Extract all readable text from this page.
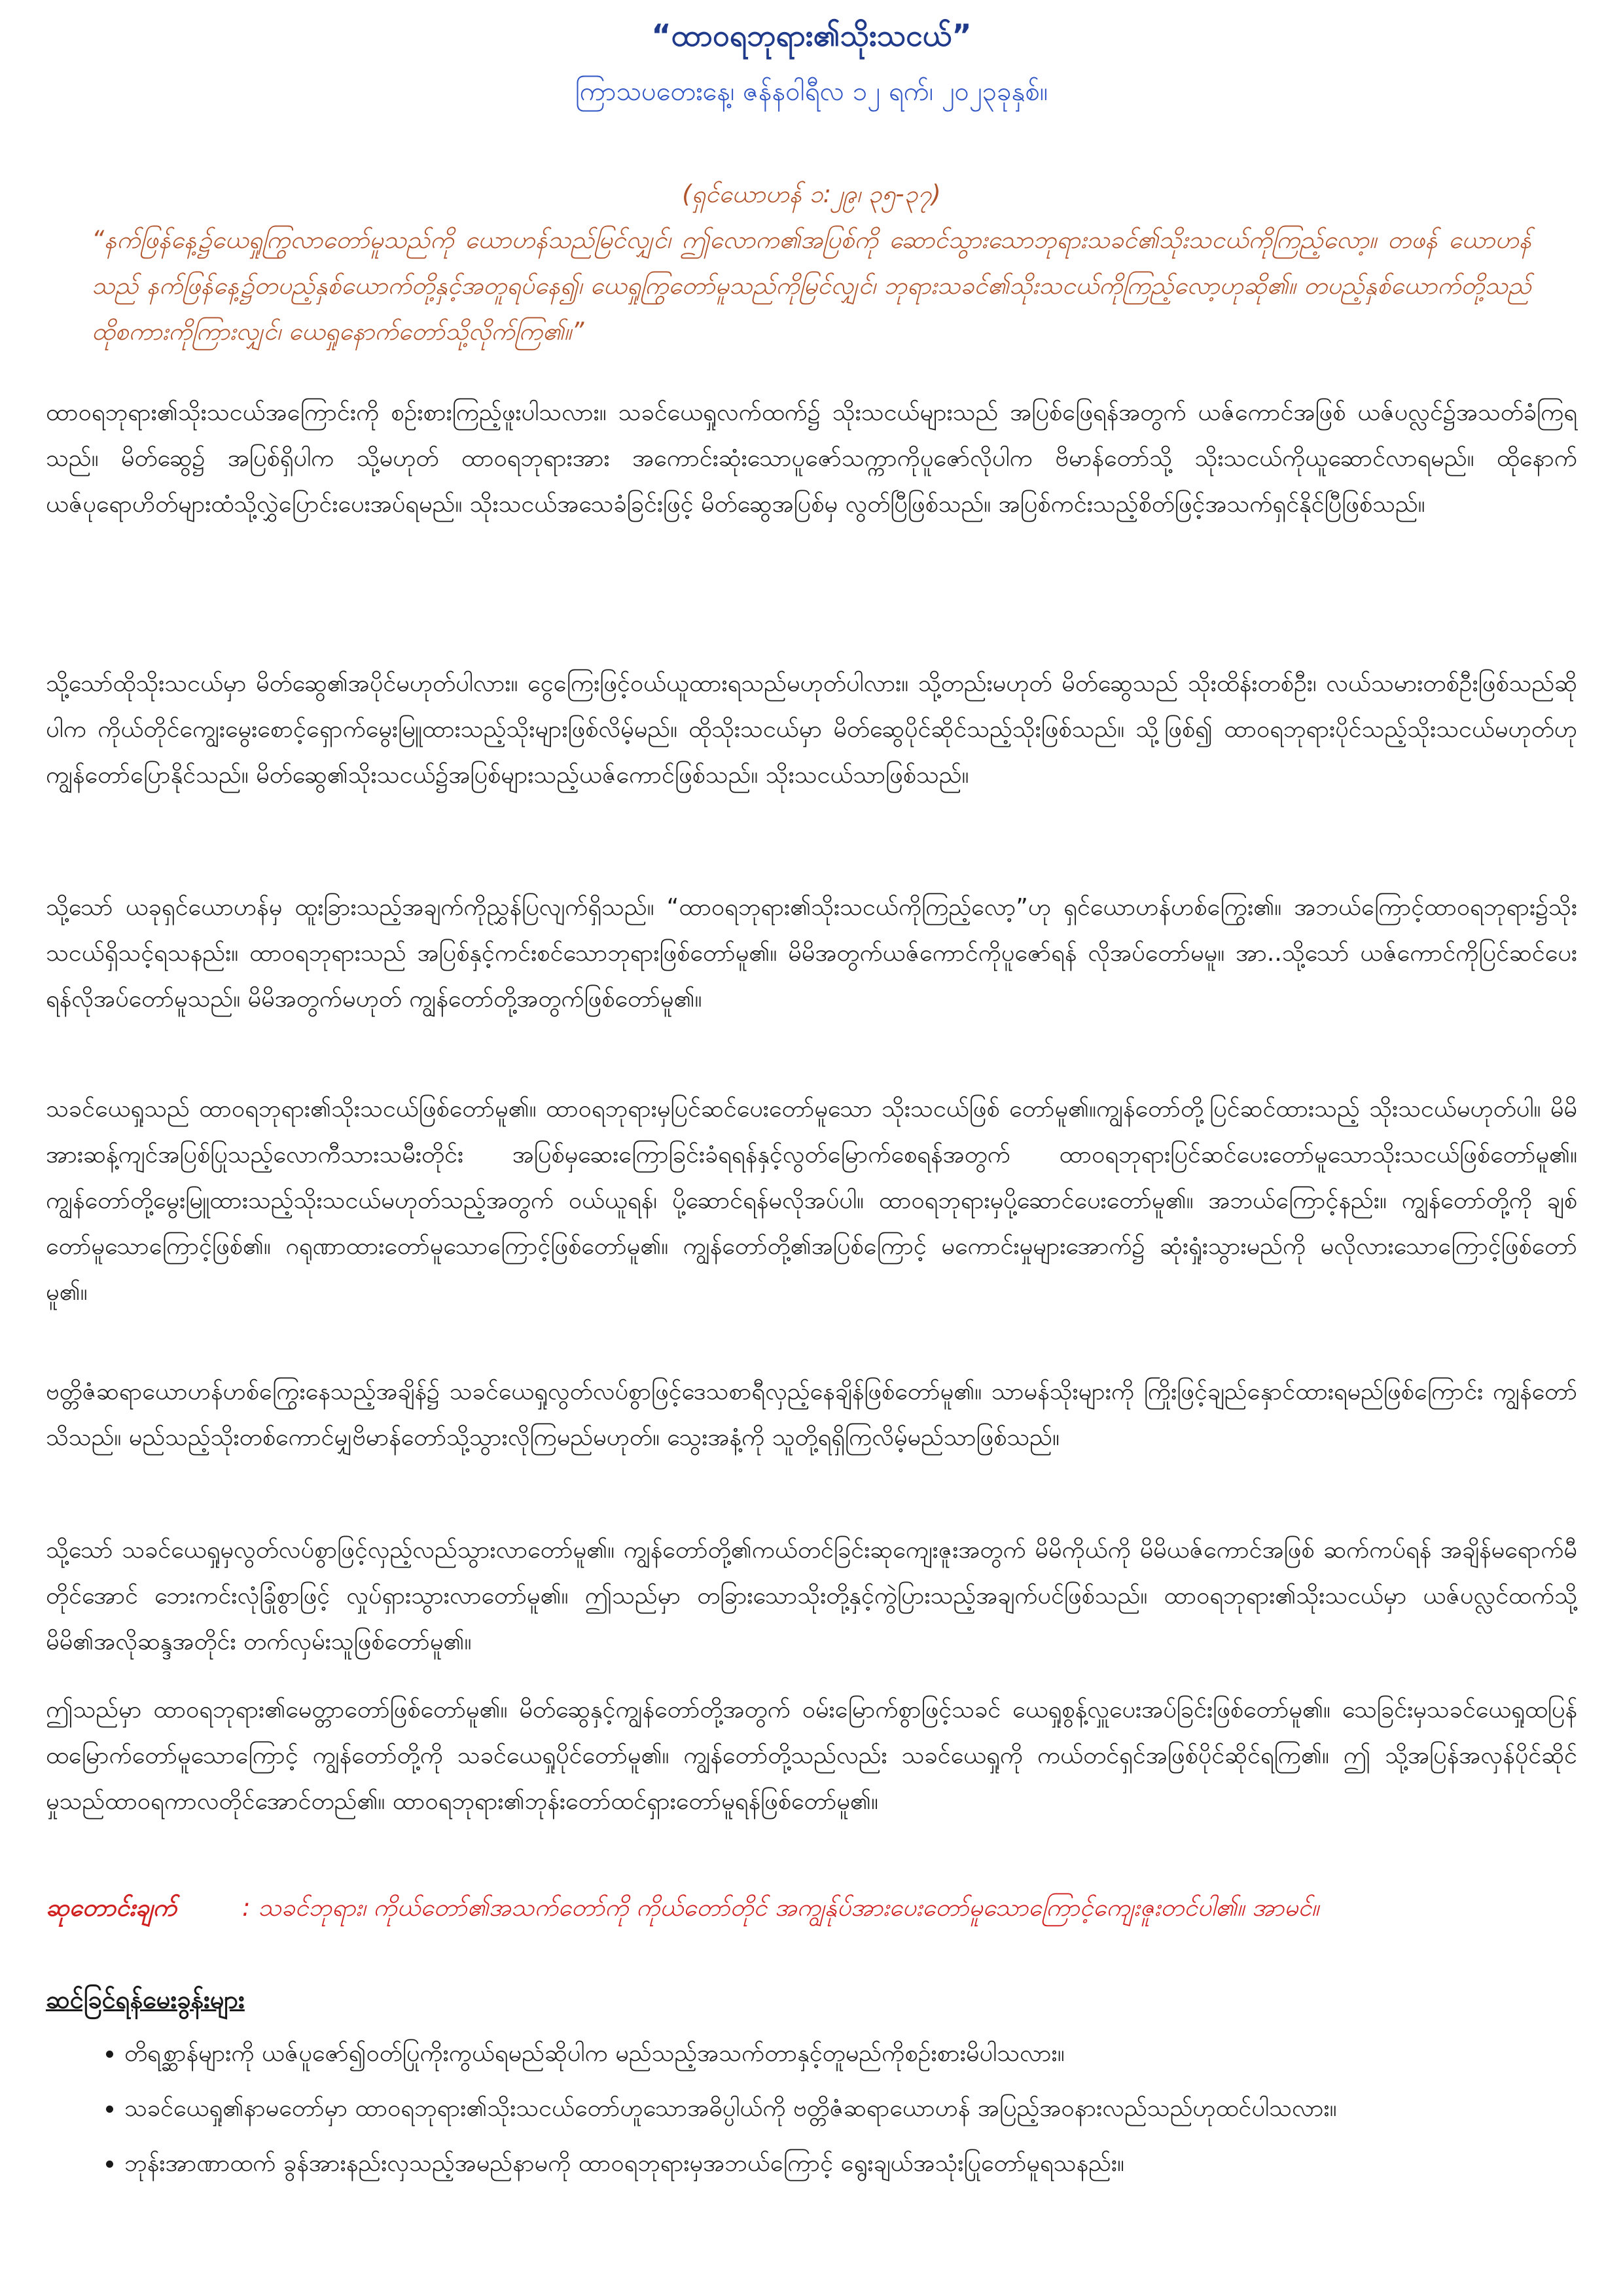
“ထာ၀ရဘုရား၏သိုးသငယ်”
ကြာသပတေးနေ့၊ ဇန်နဝါရီလ ၁၂ ရက်၊ ၂၀၂၃ခုနှစ်။
(ရှင်ယောဟန် ၁:၂၉၊ ၃၅-၃၇)
“နက်ဖြန်နေ့၌ယေရှုကြွလာတော်မူသည်ကို ယောဟန်သည်မြင်လျှင်၊ ဤလောက၏အပြစ်ကို ဆောင်သွားသောဘုရားသခင်၏သိုးသငယ်ကိုကြည့်လော့။ တဖန် ယောဟန်သည် နက်ဖြန်နေ့၌တပည့်နှစ်ယောက်တို့နှင့်အတူရပ်နေ၍၊ ယေရှုကြွတော်မူသည်ကိုမြင်လျှင်၊ ဘုရားသခင်၏သိုးသငယ်ကိုကြည့်လော့ဟုဆို၏။ တပည့်နှစ်ယောက်တို့သည် ထိုစကားကိုကြားလျှင်၊ ယေရှုနောက်တော်သို့လိုက်ကြ၏။”
ထာ၀ရဘုရား၏သိုးသငယ်အကြောင်းကို စဉ်းစားကြည့်ဖူးပါသလား။ သခင်ယေရှုလက်ထက်၌ သိုးသငယ်များသည် အပြစ်ဖြေရန်အတွက် ယဇ်ကောင်အဖြစ် ယဇ်ပလ္လင်၌အသတ်ခံကြရသည်။ မိတ်ဆွေ၌ အပြစ်ရှိပါက သို့မဟုတ် ထာ၀ရဘုရားအား အကောင်းဆုံးသောပူဇော်သက္ကာကိုပူဇော်လိုပါက ဗိမာန်တော်သို့ သိုးသငယ်ကိုယူဆောင်လာရမည်။ ထိုနောက်ယဇ်ပုရောဟိတ်များထံသို့လွှဲပြောင်းပေးအပ်ရမည်။ သိုးသငယ်အသေခံခြင်းဖြင့် မိတ်ဆွေအပြစ်မှ လွတ်ပြီဖြစ်သည်။ အပြစ်ကင်းသည့်စိတ်ဖြင့်အသက်ရှင်နိုင်ပြီဖြစ်သည်။
သို့သော်ထိုသိုးသငယ်မှာ မိတ်ဆွေ၏အပိုင်မဟုတ်ပါလား။ ငွေကြေးဖြင့်ဝယ်ယူထားရသည်မဟုတ်ပါလား။ သို့တည်းမဟုတ် မိတ်ဆွေသည် သိုးထိန်းတစ်ဦး၊ လယ်သမားတစ်ဦးဖြစ်သည်ဆိုပါက ကိုယ်တိုင်ကျွေးမွေးစောင့်ရှောက်မွေးမြူထားသည့်သိုးများဖြစ်လိမ့်မည်။ ထိုသိုးသငယ်မှာ မိတ်ဆွေပိုင်ဆိုင်သည့်သိုးဖြစ်သည်။ သို့ဖြစ်၍ ထာ၀ရဘုရားပိုင်သည့်သိုးသငယ်မဟုတ်ဟု ကျွန်တော်ပြောနိုင်သည်။ မိတ်ဆွေ၏သိုးသငယ်၌အပြစ်များသည့်ယဇ်ကောင်ဖြစ်သည်။ သိုးသငယ်သာဖြစ်သည်။
သို့သော် ယခုရှင်ယောဟန်မှ ထူးခြားသည့်အချက်ကိုညွှန်ပြလျက်ရှိသည်။ “ထာ၀ရဘုရား၏သိုးသငယ်ကိုကြည့်လော့”ဟု ရှင်ယောဟန်ဟစ်ကြွေး၏။ အဘယ်ကြောင့်ထာ၀ရဘုရား၌သိုးသငယ်ရှိသင့်ရသနည်း။ ထာ၀ရဘုရားသည် အပြစ်နှင့်ကင်းစင်သောဘုရားဖြစ်တော်မူ၏။ မိမိအတွက်ယဇ်ကောင်ကိုပူဇော်ရန် လိုအပ်တော်မမူ။ အာ..သို့သော် ယဇ်ကောင်ကိုပြင်ဆင်ပေးရန်လိုအပ်တော်မူသည်။ မိမိအတွက်မဟုတ် ကျွန်တော်တို့အတွက်ဖြစ်တော်မူ၏။
သခင်ယေရှုသည် ထာ၀ရဘုရား၏သိုးသငယ်ဖြစ်တော်မူ၏။ ထာ၀ရဘုရားမှပြင်ဆင်ပေးတော်မူသော သိုးသငယ်ဖြစ် တော်မူ၏။ကျွန်တော်တို့ပြင်ဆင်ထားသည့် သိုးသငယ်မဟုတ်ပါ။ မိမိအားဆန့်ကျင်အပြစ်ပြုသည့်လောကီသားသမီးတိုင်း အပြစ်မှဆေးကြောခြင်းခံရရန်နှင့်လွတ်မြောက်စေရန်အတွက် ထာ၀ရဘုရားပြင်ဆင်ပေးတော်မူသောသိုးသငယ်ဖြစ်တော်မူ၏။ ကျွန်တော်တို့မွေးမြူထားသည့်သိုးသငယ်မဟုတ်သည့်အတွက် ဝယ်ယူရန်၊ ပို့ဆောင်ရန်မလိုအပ်ပါ။ ထာ၀ရဘုရားမှပို့ဆောင်ပေးတော်မူ၏။ အဘယ်ကြောင့်နည်း။ ကျွန်တော်တို့ကို ချစ်တော်မူသောကြောင့်ဖြစ်၏။ ဂရုဏာထားတော်မူသောကြောင့်ဖြစ်တော်မူ၏။ ကျွန်တော်တို့၏အပြစ်ကြောင့် မကောင်းမှုများအောက်၌ ဆုံးရှုံးသွားမည်ကို မလိုလားသောကြောင့်ဖြစ်တော်မူ၏။
ဗတ္တိဇံဆရာယောဟန်ဟစ်ကြွေးနေသည့်အချိန်၌ သခင်ယေရှုလွတ်လပ်စွာဖြင့်ဒေသစာရီလှည့်နေချိန်ဖြစ်တော်မူ၏။ သာမန်သိုးများကို ကြိုးဖြင့်ချည်နှောင်ထားရမည်ဖြစ်ကြောင်း ကျွန်တော်သိသည်။ မည်သည့်သိုးတစ်ကောင်မျှဗိမာန်တော်သို့သွားလိုကြမည်မဟုတ်။ သွေးအနံ့ကို သူတို့ရရှိကြလိမ့်မည်သာဖြစ်သည်။
သို့သော် သခင်ယေရှုမှလွတ်လပ်စွာဖြင့်လှည့်လည်သွားလာတော်မူ၏။ ကျွန်တော်တို့၏ကယ်တင်ခြင်းဆုကျေးဇူးအတွက် မိမိကိုယ်ကို မိမိယဇ်ကောင်အဖြစ် ဆက်ကပ်ရန် အချိန်မရောက်မီတိုင်အောင် ဘေးကင်းလုံခြုံစွာဖြင့် လှုပ်ရှားသွားလာတော်မူ၏။ ဤသည်မှာ တခြားသောသိုးတို့နှင့်ကွဲပြားသည့်အချက်ပင်ဖြစ်သည်။ ထာ၀ရဘုရား၏သိုးသငယ်မှာ ယဇ်ပလ္လင်ထက်သို့ မိမိ၏အလိုဆန္ဒအတိုင်း တက်လှမ်းသူဖြစ်တော်မူ၏။
ဤသည်မှာ ထာ၀ရဘုရား၏မေတ္တာတော်ဖြစ်တော်မူ၏။ မိတ်ဆွေနှင့်ကျွန်တော်တို့အတွက် ဝမ်းမြောက်စွာဖြင့်သခင် ယေရှုစွန့်လှူပေးအပ်ခြင်းဖြစ်တော်မူ၏။ သေခြင်းမှသခင်ယေရှုထပြန်ထမြောက်တော်မူသောကြောင့် ကျွန်တော်တို့ကို သခင်ယေရှုပိုင်တော်မူ၏။ ကျွန်တော်တို့သည်လည်း သခင်ယေရှုကို ကယ်တင်ရှင်အဖြစ်ပိုင်ဆိုင်ရကြ၏။ ဤ သို့အပြန်အလှန်ပိုင်ဆိုင်မှုသည်ထာ၀ရကာလတိုင်အောင်တည်၏။ ထာ၀ရဘုရား၏ဘုန်းတော်ထင်ရှားတော်မူရန်ဖြစ်တော်မူ၏။
ဆုတောင်းချက်	: သခင်ဘုရား၊ ကိုယ်တော်၏အသက်တော်ကို ကိုယ်တော်တိုင် အကျွန်ုပ်အားပေးတော်မူသောကြောင့်ကျေးဇူးတင်ပါ၏။ အာမင်။
ဆင်ခြင်ရန်မေးခွန်းများ
• တိရစ္ဆာန်များကို ယဇ်ပူဇော်၍ဝတ်ပြုကိုးကွယ်ရမည်ဆိုပါက မည်သည့်အသက်တာနှင့်တူမည်ကိုစဉ်းစားမိပါသလား။
• သခင်ယေရှု၏နာမတော်မှာ ထာ၀ရဘုရား၏သိုးသငယ်တော်ဟူသောအဓိပ္ပါယ်ကို ဗတ္တိဇံဆရာယောဟန် အပြည့်အ၀နားလည်သည်ဟုထင်ပါသလား။
• ဘုန်းအာဏာထက် ခွန်အားနည်းလှသည့်အမည်နာမကို ထာ၀ရဘုရားမှအဘယ်ကြောင့် ရွေးချယ်အသုံးပြုတော်မူရသနည်း။
